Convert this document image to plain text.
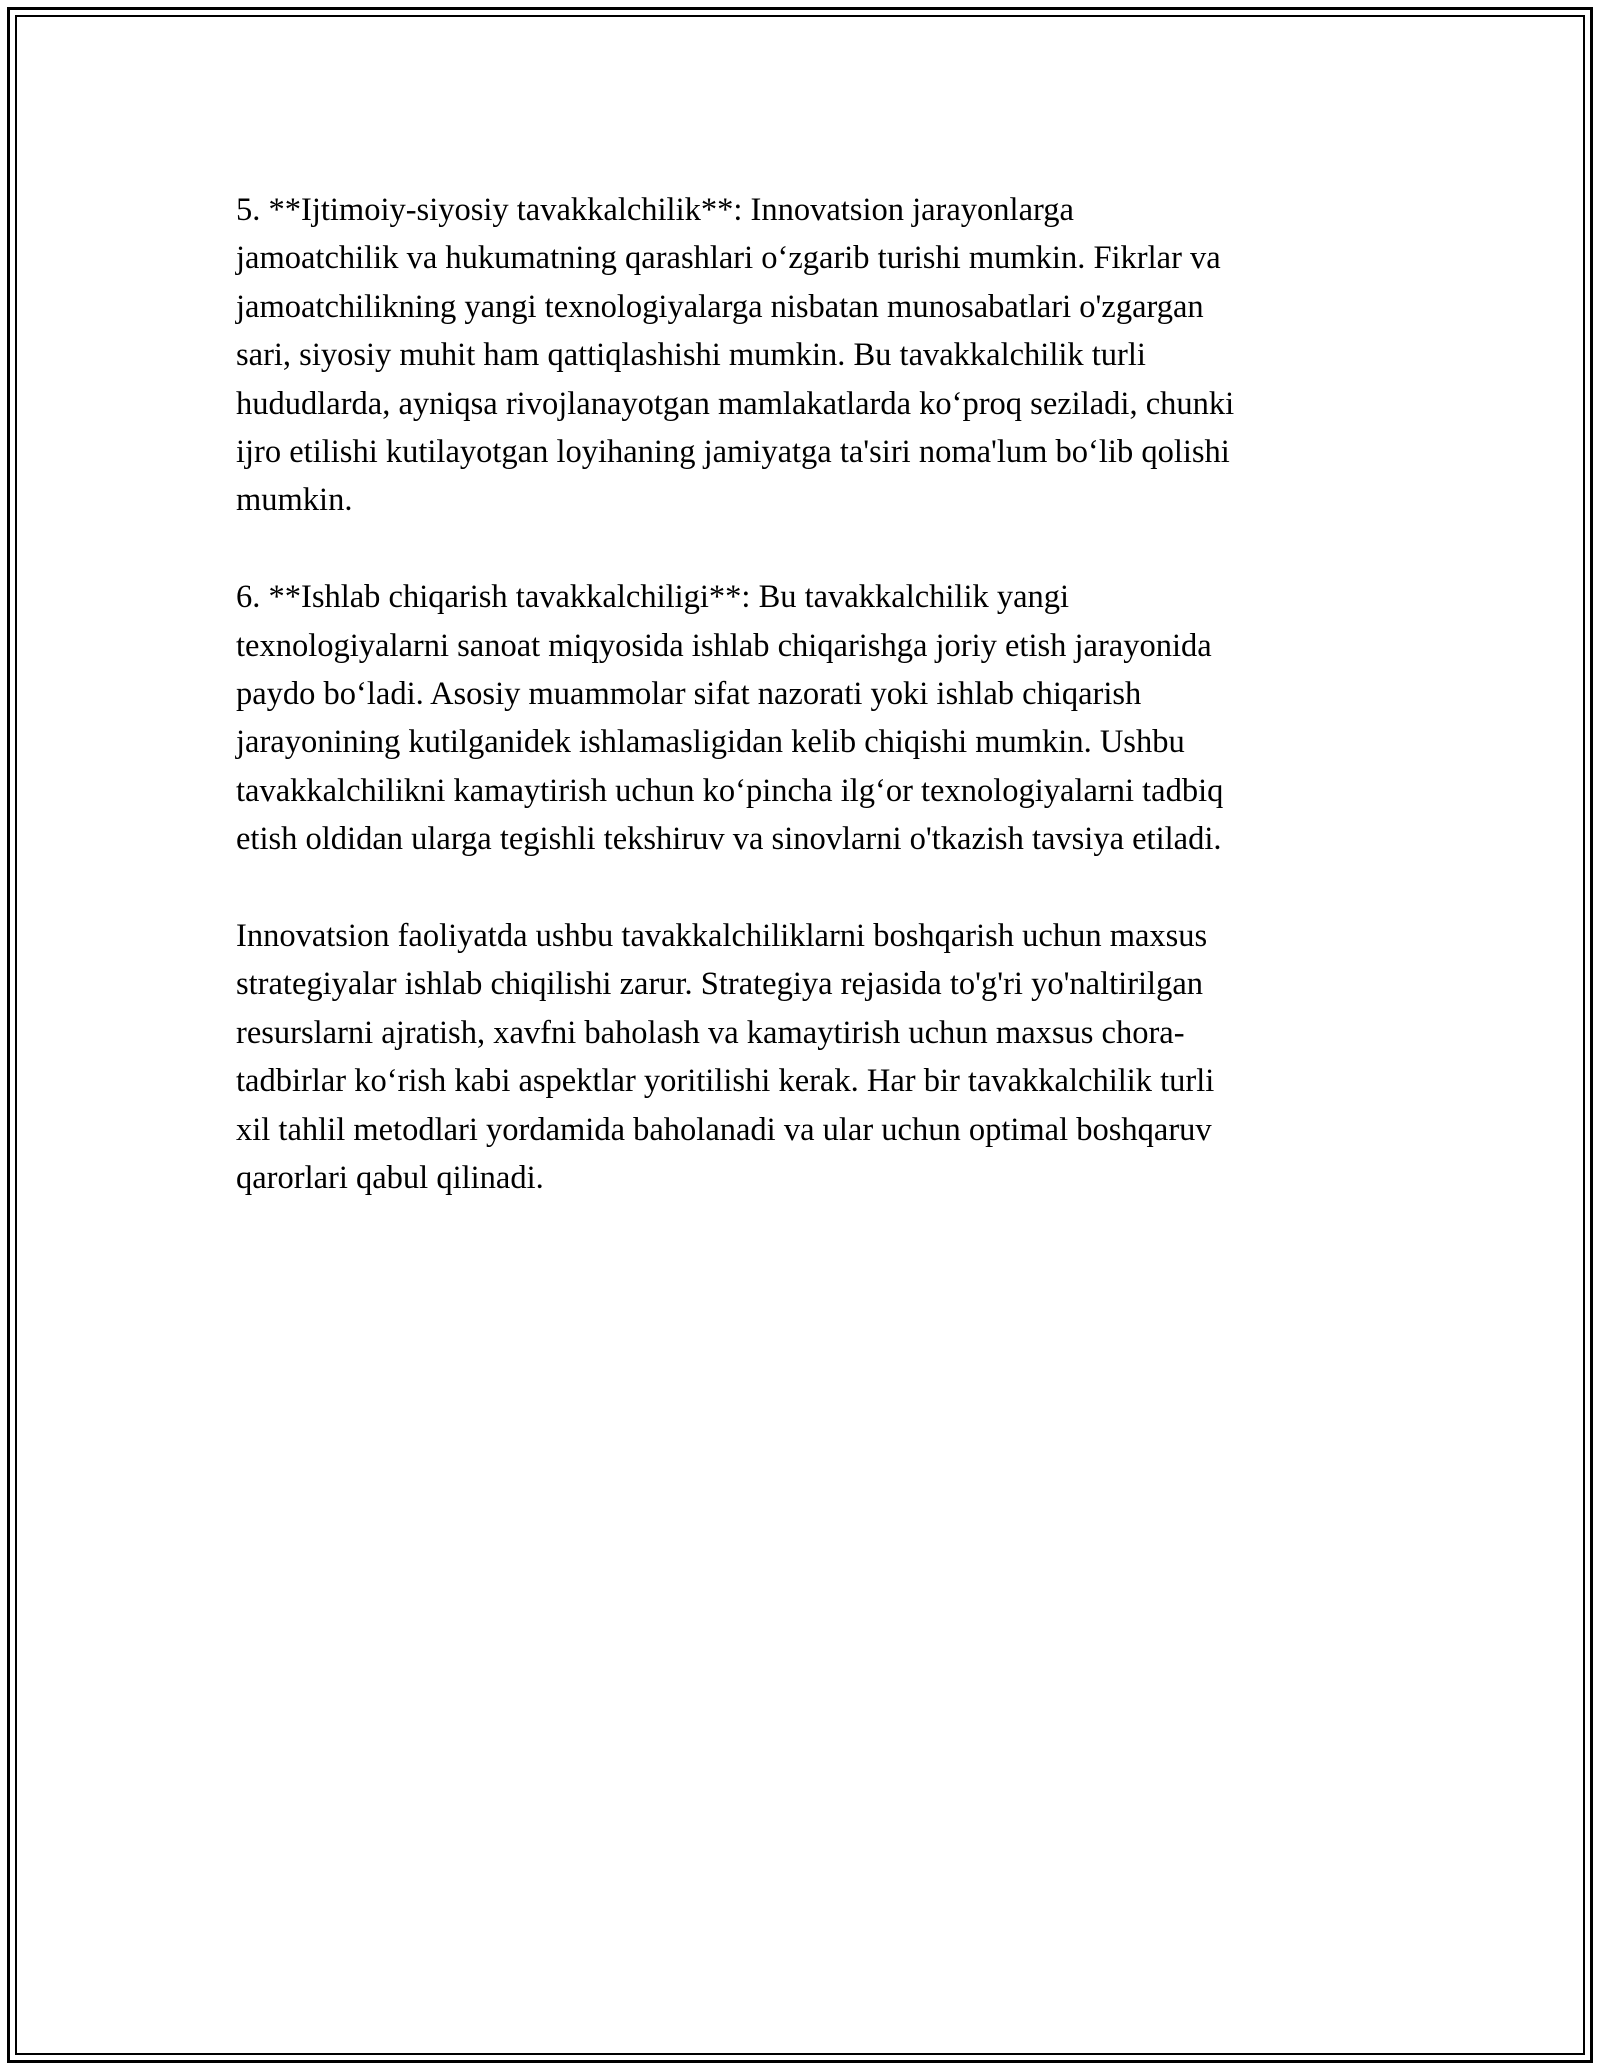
5. **Ijtimoiy-siyosiy tavakkalchilik**: Innovatsion jarayonlarga
jamoatchilik va hukumatning qarashlari o‘zgarib turishi mumkin. Fikrlar va
jamoatchilikning yangi texnologiyalarga nisbatan munosabatlari o'zgargan
sari, siyosiy muhit ham qattiqlashishi mumkin. Bu tavakkalchilik turli
hududlarda, ayniqsa rivojlanayotgan mamlakatlarda ko‘proq seziladi, chunki
ijro etilishi kutilayotgan loyihaning jamiyatga ta'siri noma'lum bo‘lib qolishi
mumkin.

6. **Ishlab chiqarish tavakkalchiligi**: Bu tavakkalchilik yangi
texnologiyalarni sanoat miqyosida ishlab chiqarishga joriy etish jarayonida
paydo bo‘ladi. Asosiy muammolar sifat nazorati yoki ishlab chiqarish
jarayonining kutilganidek ishlamasligidan kelib chiqishi mumkin. Ushbu
tavakkalchilikni kamaytirish uchun ko‘pincha ilg‘or texnologiyalarni tadbiq
etish oldidan ularga tegishli tekshiruv va sinovlarni o'tkazish tavsiya etiladi.

Innovatsion faoliyatda ushbu tavakkalchiliklarni boshqarish uchun maxsus
strategiyalar ishlab chiqilishi zarur. Strategiya rejasida to'g'ri yo'naltirilgan
resurslarni ajratish, xavfni baholash va kamaytirish uchun maxsus chora-
tadbirlar ko‘rish kabi aspektlar yoritilishi kerak. Har bir tavakkalchilik turli
xil tahlil metodlari yordamida baholanadi va ular uchun optimal boshqaruv
qarorlari qabul qilinadi.
